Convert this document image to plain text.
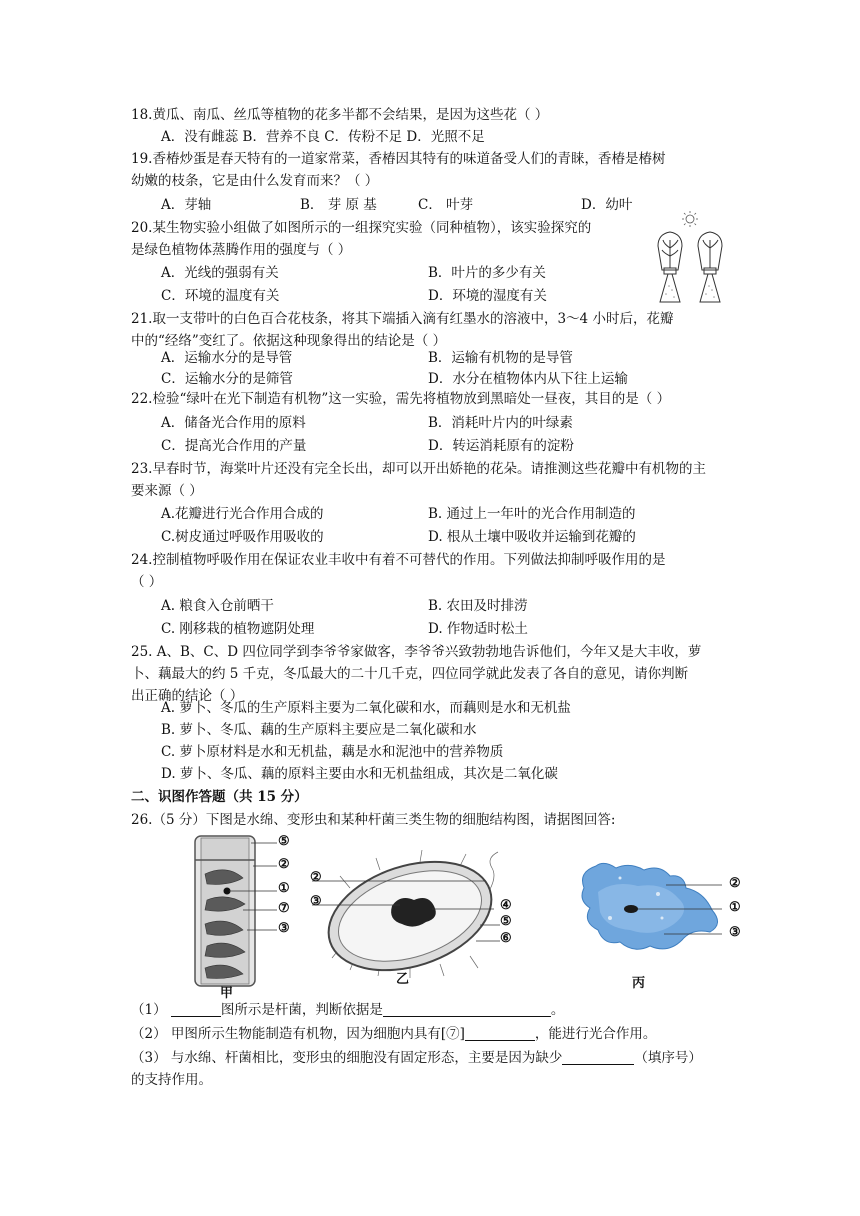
18.黄瓜、南瓜、丝瓜等植物的花多半都不会结果，是因为这些花（ ）
A．没有雌蕊 B．营养不良 C．传粉不足 D．光照不足
19.香椿炒蛋是春天特有的一道家常菜，香椿因其特有的味道备受人们的青睐，香椿是椿树
幼嫩的枝条，它是由什么发育而来？（ ）
A．芽轴	B． 芽 原 基	C． 叶芽	D．幼叶
20.某生物实验小组做了如图所示的一组探究实验（同种植物），该实验探究的
是绿色植物体蒸腾作用的强度与（ ）
A．光线的强弱有关	B．叶片的多少有关
C．环境的温度有关	D．环境的湿度有关
21.取一支带叶的白色百合花枝条，将其下端插入滴有红墨水的溶液中，3～4 小时后，花瓣
中的“经络”变红了。依据这种现象得出的结论是（ ）
A．运输水分的是导管	B．运输有机物的是导管
C．运输水分的是筛管	D．水分在植物体内从下往上运输
22.检验“绿叶在光下制造有机物”这一实验，需先将植物放到黑暗处一昼夜，其目的是（ ）
A．储备光合作用的原料	B．消耗叶片内的叶绿素
C．提高光合作用的产量	D．转运消耗原有的淀粉
23.早春时节，海棠叶片还没有完全长出，却可以开出娇艳的花朵。请推测这些花瓣中有机物的主
要来源（ ）
A.花瓣进行光合作用合成的	B. 通过上一年叶的光合作用制造的
C.树皮通过呼吸作用吸收的	D. 根从土壤中吸收并运输到花瓣的
24.控制植物呼吸作用在保证农业丰收中有着不可替代的作用。下列做法抑制呼吸作用的是
（ ）
A. 粮食入仓前晒干	B. 农田及时排涝
C. 刚移栽的植物遮阴处理	D. 作物适时松土
25. A、B、C、D 四位同学到李爷爷家做客，李爷爷兴致勃勃地告诉他们，今年又是大丰收，萝
卜、藕最大的约 5 千克，冬瓜最大的二十几千克，四位同学就此发表了各自的意见，请你判断
出正确的结论（ ）
A. 萝卜、冬瓜的生产原料主要为二氧化碳和水，而藕则是水和无机盐
B. 萝卜、冬瓜、藕的生产原料主要应是二氧化碳和水
C. 萝卜原材料是水和无机盐，藕是水和泥池中的营养物质
D. 萝卜、冬瓜、藕的原料主要由水和无机盐组成，其次是二氧化碳
二、识图作答题（共 15 分）
26.（5 分）下图是水绵、变形虫和某种杆菌三类生物的细胞结构图，请据图回答:
⑤
②
①
⑦
③
甲
②
③	④
⑤
⑥
乙
②
①
③
丙
（1）	图所示是杆菌，判断依据是	。
（2） 甲图所示生物能制造有机物，因为细胞内具有[⑦]	，能进行光合作用。
（3） 与水绵、杆菌相比，变形虫的细胞没有固定形态，主要是因为缺少	（填序号）
的支持作用。
